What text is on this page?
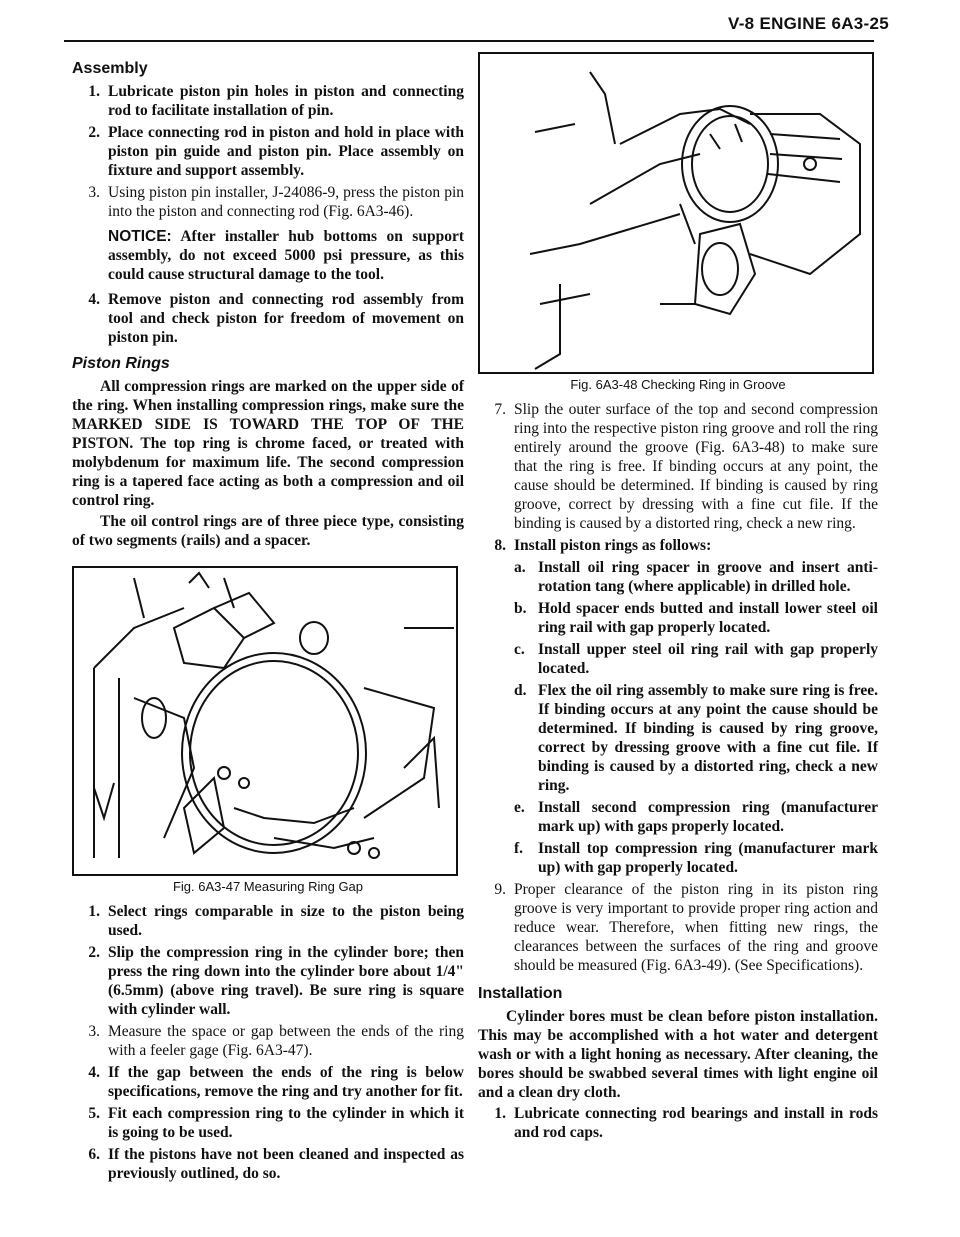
V-8 ENGINE 6A3-25
Assembly
1. Lubricate piston pin holes in piston and connecting rod to facilitate installation of pin.
2. Place connecting rod in piston and hold in place with piston pin guide and piston pin. Place assembly on fixture and support assembly.
3. Using piston pin installer, J-24086-9, press the piston pin into the piston and connecting rod (Fig. 6A3-46).
NOTICE: After installer hub bottoms on support assembly, do not exceed 5000 psi pressure, as this could cause structural damage to the tool.
4. Remove piston and connecting rod assembly from tool and check piston for freedom of movement on piston pin.
Piston Rings
All compression rings are marked on the upper side of the ring. When installing compression rings, make sure the MARKED SIDE IS TOWARD THE TOP OF THE PISTON. The top ring is chrome faced, or treated with molybdenum for maximum life. The second compression ring is a tapered face acting as both a compression and oil control ring.
The oil control rings are of three piece type, consisting of two segments (rails) and a spacer.
Fig. 6A3-47 Measuring Ring Gap
1. Select rings comparable in size to the piston being used.
2. Slip the compression ring in the cylinder bore; then press the ring down into the cylinder bore about 1/4" (6.5mm) (above ring travel). Be sure ring is square with cylinder wall.
3. Measure the space or gap between the ends of the ring with a feeler gage (Fig. 6A3-47).
4. If the gap between the ends of the ring is below specifications, remove the ring and try another for fit.
5. Fit each compression ring to the cylinder in which it is going to be used.
6. If the pistons have not been cleaned and inspected as previously outlined, do so.
Fig. 6A3-48 Checking Ring in Groove
7. Slip the outer surface of the top and second compression ring into the respective piston ring groove and roll the ring entirely around the groove (Fig. 6A3-48) to make sure that the ring is free. If binding occurs at any point, the cause should be determined. If binding is caused by ring groove, correct by dressing with a fine cut file. If the binding is caused by a distorted ring, check a new ring.
8. Install piston rings as follows:
a. Install oil ring spacer in groove and insert anti-rotation tang (where applicable) in drilled hole.
b. Hold spacer ends butted and install lower steel oil ring rail with gap properly located.
c. Install upper steel oil ring rail with gap properly located.
d. Flex the oil ring assembly to make sure ring is free. If binding occurs at any point the cause should be determined. If binding is caused by ring groove, correct by dressing groove with a fine cut file. If binding is caused by a distorted ring, check a new ring.
e. Install second compression ring (manufacturer mark up) with gaps properly located.
f. Install top compression ring (manufacturer mark up) with gap properly located.
9. Proper clearance of the piston ring in its piston ring groove is very important to provide proper ring action and reduce wear. Therefore, when fitting new rings, the clearances between the surfaces of the ring and groove should be measured (Fig. 6A3-49). (See Specifications).
Installation
Cylinder bores must be clean before piston installation. This may be accomplished with a hot water and detergent wash or with a light honing as necessary. After cleaning, the bores should be swabbed several times with light engine oil and a clean dry cloth.
1. Lubricate connecting rod bearings and install in rods and rod caps.
